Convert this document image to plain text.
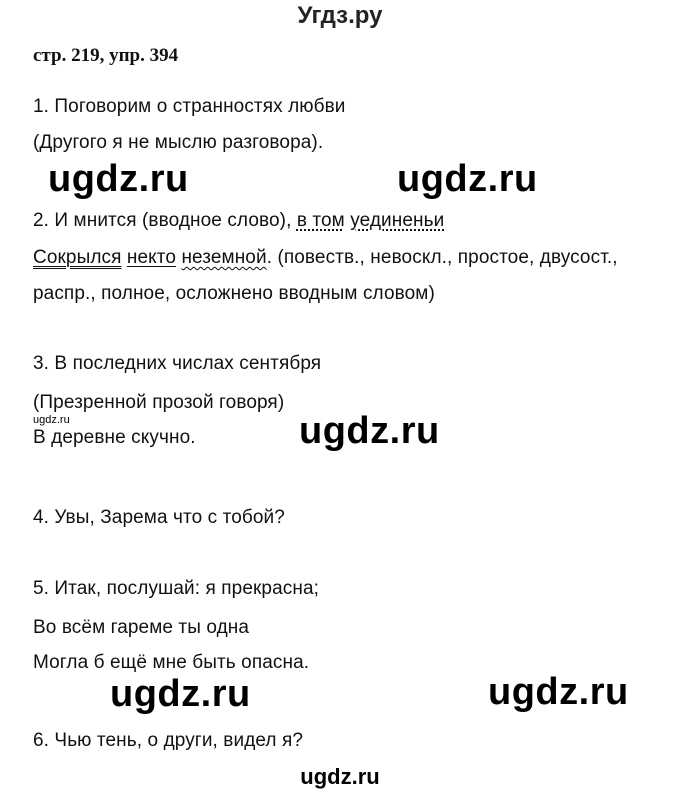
Угдз.ру
стр. 219, упр. 394
1. Поговорим о странностях любви
(Другого я не мыслю разговора).
ugdz.ru	ugdz.ru
2. И мнится (вводное слово), в том уединеньи
Сокрылся некто неземной. (повеств., невоскл., простое, двусост.,
распр., полное, осложнено вводным словом)
3. В последних числах сентября
(Презренной прозой говоря)
ugdz.ru
В деревне скучно.	ugdz.ru
4. Увы, Зарема что с тобой?
5. Итак, послушай: я прекрасна;
Во всём гареме ты одна
Могла б ещё мне быть опасна.
ugdz.ru	ugdz.ru
6. Чью тень, о други, видел я?
ugdz.ru
